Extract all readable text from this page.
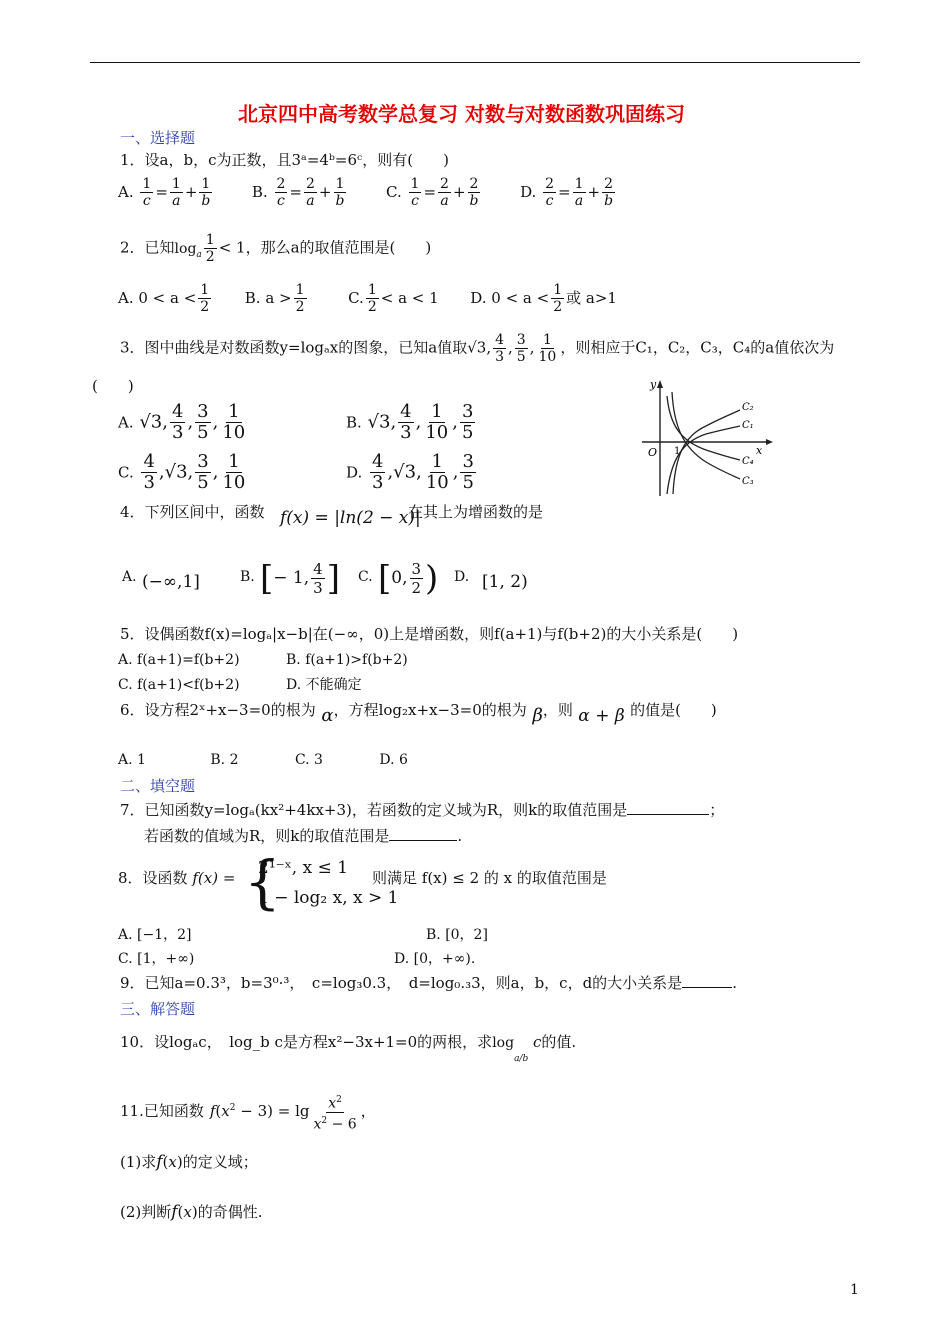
北京四中高考数学总复习 对数与对数函数巩固练习
一、选择题
1．设a，b，c为正数，且3ᵃ=4ᵇ=6ᶜ，则有(　　)
A. $\frac{1}{c} = \frac{1}{a} + \frac{1}{b}$	B. $\frac{2}{c} = \frac{2}{a} + \frac{1}{b}$	C. $\frac{1}{c} = \frac{2}{a} + \frac{2}{b}$	D. $\frac{2}{c} = \frac{1}{a} + \frac{2}{b}$
2．已知$\log_a \frac{1}{2} < 1$，那么a的取值范围是(　　)
A. $0 < a < \frac{1}{2} B$. $a > \frac{1}{2}$	C. $\frac{1}{2} < a < 1$ D. $0 < a < \frac{1}{2}$ 或 a>1
3．图中曲线是对数函数y=logₐx的图象，已知a值取√3, $\frac{4}{3}$ , $\frac{3}{5}$ , $\frac{1}{10}$ ，则相应于C₁，C₂，C₃，C₄的a值依次为
(　　)
A. √3, $\frac{4}{3}$ , $\frac{3}{5}$ , $\frac{1}{10}$	B. √3, $\frac{4}{3}$ , $\frac{1}{10}$ , $\frac{3}{5}$
C. $\frac{4}{3} ,√3$, $\frac{3}{5}$ , $\frac{1}{10}$	D. $\frac{4}{3} ,√3$, $\frac{1}{10}$ , $\frac{3}{5}$
y
C₂
C₁
C₄
C₃
x
O 1
4．下列区间中，函数 f(x) = |ln(2 − x)|
在其上为增函数的是
A. (−∞,1]	B. [− 1, $\frac{4}{3}$ ] C. [0, $\frac{3}{2}$ ) D. [1, 2)
5．设偶函数f(x)=logₐ|x−b|在(−∞，0)上是增函数，则f(a+1)与f(b+2)的大小关系是(　　)
A. f(a+1)=f(b+2)	B. f(a+1)>f(b+2)
C. f(a+1)<f(b+2)	D. 不能确定
6．设方程2ˣ+x−3=0的根为 α，方程log₂x+x−3=0的根为 β，则 α + β 的值是(　　)
A. 1	B. 2	C. 3	D. 6
二、填空题
7．已知函数y=logₐ(kx²+4kx+3)，若函数的定义域为R，则k的取值范围是	；
若函数的值域为R，则k的取值范围是	.
8．设函数 f(x) = {
2¹⁻ˣ, x ≤ 1
1 − log₂ x, x > 1
则满足 f(x) ≤ 2 的 x 的取值范围是
A. [−1，2]	B. [0，2]
C. [1，+∞)	D. [0，+∞).
9．已知a=0.3³，b=3⁰·³，　c=log₃0.3，　d=log₀.₃3，则a，b，c，d的大小关系是	.
三、解答题
10．设logₐc，　log_b c是方程x²−3x+1=0的两根，求$\log_{a/b} c$的值.
11.已知函数 $f(x^2 - 3) = \lg \frac{x^2}{x^2 - 6}$ ，
(1)求f(x)的定义域；
(2)判断f(x)的奇偶性.
1
